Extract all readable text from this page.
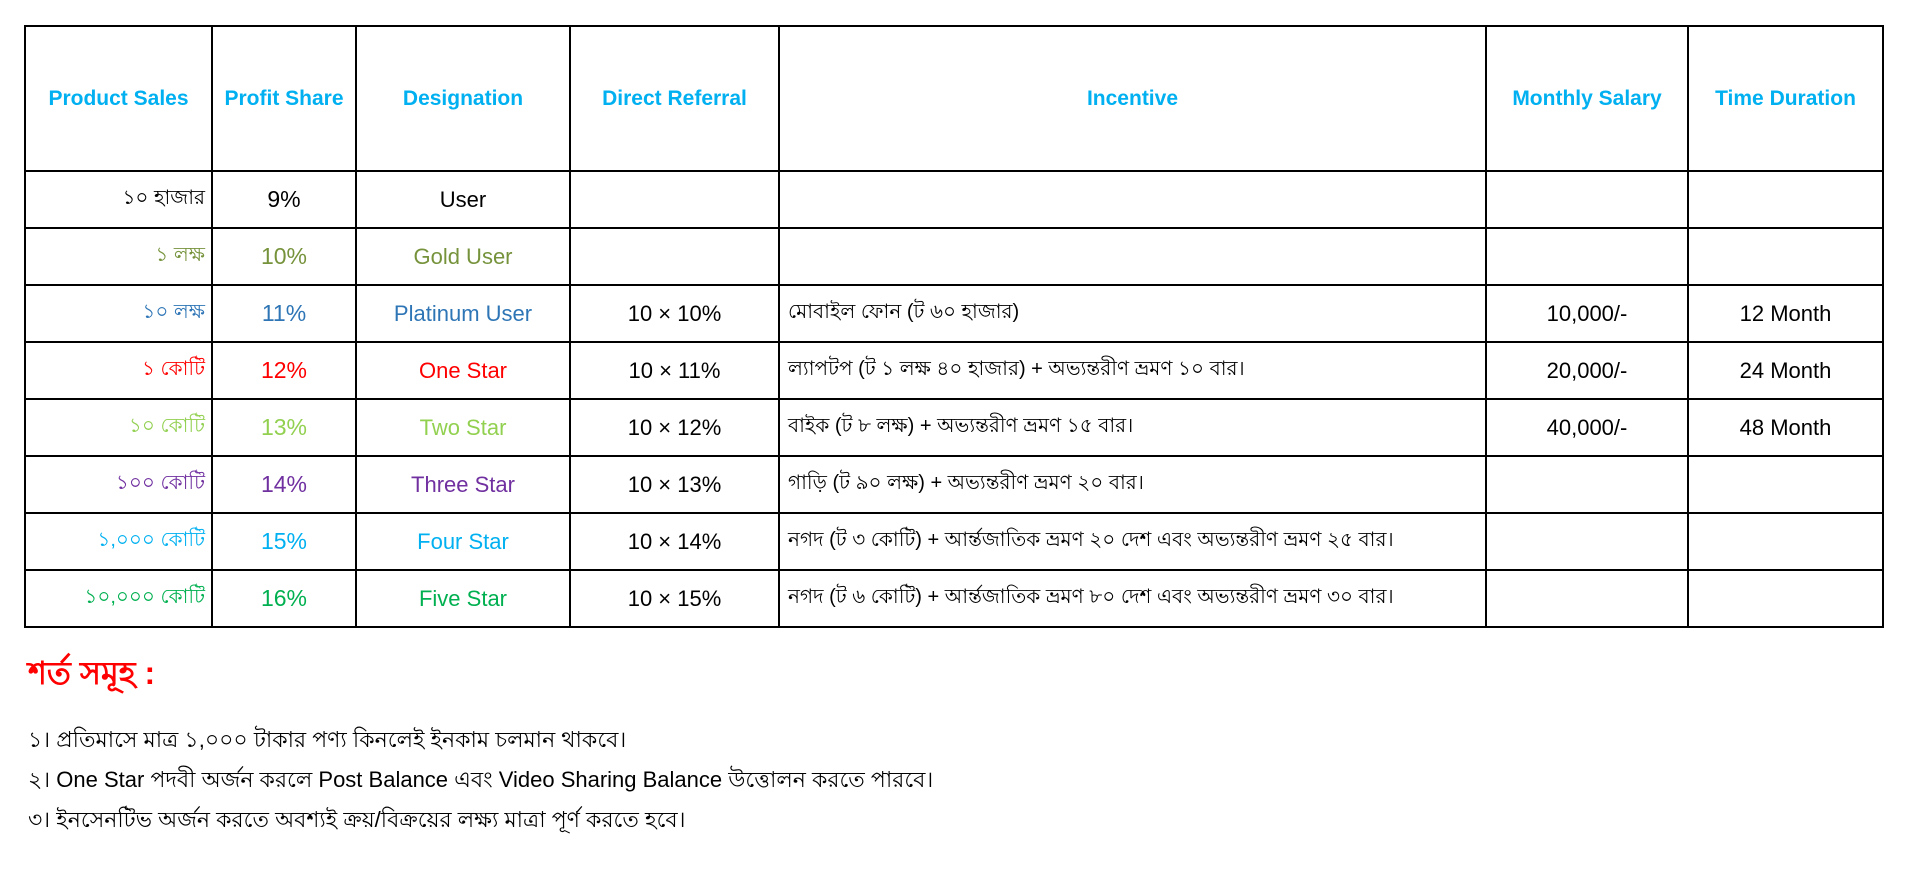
Product Sales	Profit Share	Designation	Direct Referral	Incentive	Monthly Salary	Time Duration
১০ হাজার	9%	User				
১ লক্ষ	10%	Gold User				
১০ লক্ষ	11%	Platinum User	10 × 10%	মোবাইল ফোন (ট ৬০ হাজার)	10,000/-	12 Month
১ কোটি	12%	One Star	10 × 11%	ল্যাপটপ (ট ১ লক্ষ ৪০ হাজার) + অভ্যন্তরীণ ভ্রমণ ১০ বার।	20,000/-	24 Month
১০ কোটি	13%	Two Star	10 × 12%	বাইক (ট ৮ লক্ষ) + অভ্যন্তরীণ ভ্রমণ ১৫ বার।	40,000/-	48 Month
১০০ কোটি	14%	Three Star	10 × 13%	গাড়ি (ট ৯০ লক্ষ) + অভ্যন্তরীণ ভ্রমণ ২০ বার।		
১,০০০ কোটি	15%	Four Star	10 × 14%	নগদ (ট ৩ কোটি) + আর্ন্তজাতিক ভ্রমণ ২০ দেশ এবং অভ্যন্তরীণ ভ্রমণ ২৫ বার।		
১০,০০০ কোটি	16%	Five Star	10 × 15%	নগদ (ট ৬ কোটি) + আর্ন্তজাতিক ভ্রমণ ৮০ দেশ এবং অভ্যন্তরীণ ভ্রমণ ৩০ বার।		
শর্ত সমূহ :
১। প্রতিমাসে মাত্র ১,০০০ টাকার পণ্য কিনলেই ইনকাম চলমান থাকবে।
২। One Star পদবী অর্জন করলে Post Balance এবং Video Sharing Balance উত্তোলন করতে পারবে।
৩। ইনসেনটিভ অর্জন করতে অবশ্যই ক্রয়/বিক্রয়ের লক্ষ্য মাত্রা পূর্ণ করতে হবে।
